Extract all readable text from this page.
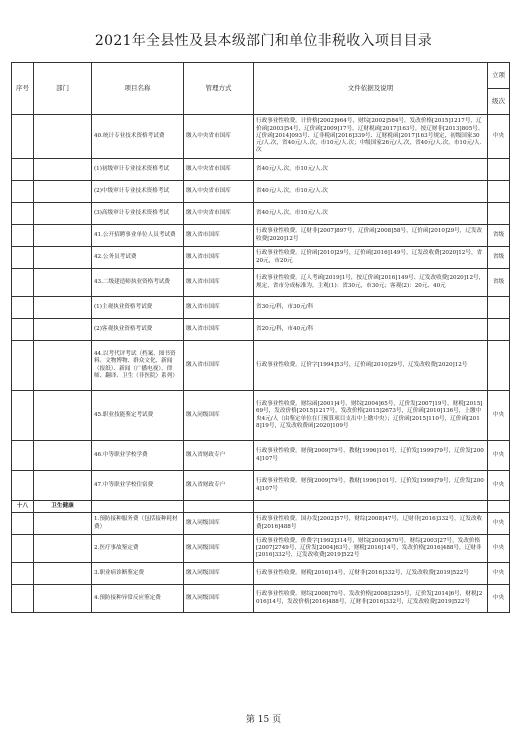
2021年全县性及县本级部门和单位非税收入项目目录
序号	部门	项目名称	管理方式	文件依据及说明	立项
					级次
		40.统计专业技术资格考试费	缴入中央省市国库	行政事业性收费。计价格[2002]964号，财综[2002]584号，发改价格[2015]1217号，辽价函[2003]54号，辽价函[2009]17号，辽财税函[2017]163号，按辽财非[2013]805号、辽价函[2014]093号、辽非税函[2016]339号、辽财税函[2017]163号规定，初级国家30元/人.次，省40元/人.次，市10元/人.次；中级国家26元/人.次，省40元/人.次，市10元/人.次	中央
		(1)初级审计专业技术资格考试	缴入中央省市国库	省40元/人.次，市10元/人.次	
		(2)中级审计专业技术资格考试	缴入中央省市国库	省40元/人.次，市10元/人.次	
		(3)高级审计专业技术资格考试	缴入中央省市国库	省40元/人.次，市10元/人.次	
		41.公开招聘事业单位人员考试费	缴入省市国库	行政事业性收费。辽财非[2007]897号，辽价函[2008]58号，辽价函[2010]29号，辽发改收费[2020]12号	省级
		42.公务员考试费	缴入省市国库	行政事业性收费。辽价函[2010]29号，辽价函[2016]149号，辽发改收费[2020]12号，省20元，市20元	省级
		43.二级建造师执业资格考试费	缴入省市国库	行政事业性收费。辽人考函[2019]1号，按辽价函[2016]149号、辽发改收费[2020]12号，规定，省市分成标准为，主观(1)：省30元，市30元；客观(2)：20元、40元	省级
		(1)主观执业资格考试费	缴入省市国库	省30元/科，市30元/科	
		(2)客观执业资格考试费	缴入省市国库	省20元/科，市40元/科	
		44.以考代评考试（档案、图书资料、文物博物、群众文化、新闻（报纸）、新闻（广播电视）、律师、翻译、卫生（非医院）系列）	缴入省市国库	行政事业性收费。辽价字[1994]53号，辽价函[2010]29号，辽发改收费[2020]12号	
		45.职业技能鉴定考试费	缴入同级国库	行政事业性收费。财综函[2001]4号，财综[2004]65号，辽价发[2007]19号，财税[2015]69号，发改价格[2015]1217号，发改价格[2015]2673号，辽价函[2010]136号，上缴中央4元/人（由鉴定单位在门预算项目支出中上缴中央）；辽价函[2015]110号，辽价函[2018]19号，辽发改收费函[2020]109号	中央
		46.中等职业学校学费	缴入省财政专户	行政事业性收费。财预[2009]79号，教财[1996]101号，辽价发[1999]79号，辽价发[2004]107号	中央
		47.中等职业学校住宿费	缴入省财政专户	行政事业性收费。财预[2009]79号，教财[1996]101号，辽价发[1999]79号，辽价发[2004]107号	中央
十八	卫生健康				
		1.预防接种服务费（包括接种耗材费）	缴入同级国库	行政事业性收费。国办发[2002]57号，财综[2008]47号，辽财非[2016]332号，辽发改收费[2016]488号	中央
		2.医疗事故鉴定费	缴入同级国库	行政事业性收费。价费字[1992]314号，财综[2003]470号，财综[2003]27号，发改价格[2007]2749号，辽价发[2004]63号，财税[2016]14号，发改价格[2016]488号，辽财非[2016]332号，辽发改收费[2019]522号	中央
		3.职业病诊断鉴定费	缴入同级国库	行政事业性收费。财税[2016]14号，辽财非[2016]332号，辽发改收费[2019]522号	中央
		4.预防接种异常反应鉴定费	缴入同级国库	行政事业性收费。财综[2008]70号，发改价格[2008]3295号，辽价发[2014]6号，财税[2016]14号，发改价格[2016]488号，辽财非[2016]332号，辽发改收费[2019]522号	中央
第 15 页
